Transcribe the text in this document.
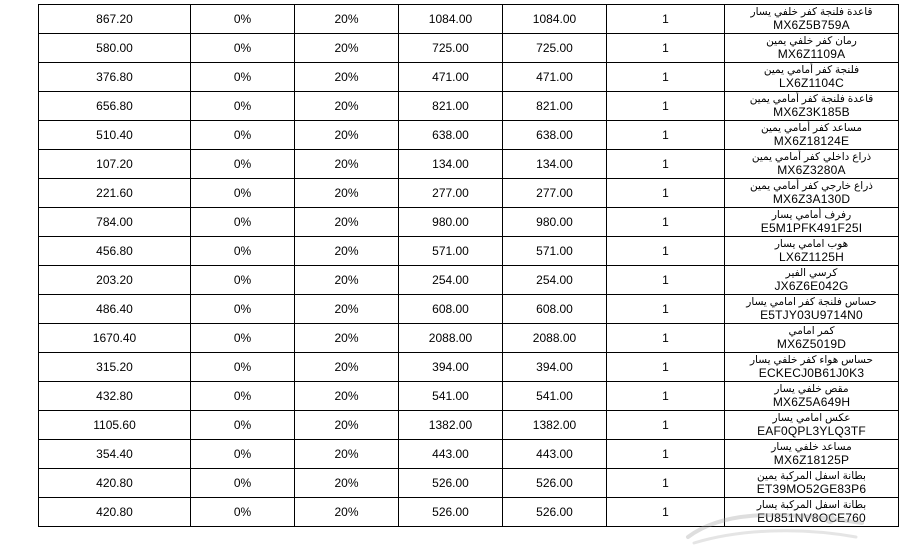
867.20	0%	20%	1084.00	1084.00	1	قاعدة فلنجة كفر خلفي يسار
MX6Z5B759A

580.00	0%	20%	725.00	725.00	1	رمان كفر خلفي يمين
MX6Z1109A

376.80	0%	20%	471.00	471.00	1	فلنجة كفر أمامي يمين
LX6Z1104C

656.80	0%	20%	821.00	821.00	1	قاعدة فلنجة كفر أمامي يمين
MX6Z3K185B

510.40	0%	20%	638.00	638.00	1	مساعد كفر أمامي يمين
MX6Z18124E

107.20	0%	20%	134.00	134.00	1	ذراع داخلي كفر أمامي يمين
MX6Z3280A

221.60	0%	20%	277.00	277.00	1	ذراع خارجي كفر أمامي يمين
MX6Z3A130D

784.00	0%	20%	980.00	980.00	1	رفرف أمامي يسار
E5M1PFK491F25I

456.80	0%	20%	571.00	571.00	1	هوب امامي يسار
LX6Z1125H

203.20	0%	20%	254.00	254.00	1	كرسي الفير
JX6Z6E042G

486.40	0%	20%	608.00	608.00	1	حساس فلنجة كفر امامي يسار
E5TJY03U9714N0

1670.40	0%	20%	2088.00	2088.00	1	كمر امامي
MX6Z5019D

315.20	0%	20%	394.00	394.00	1	حساس هواء كفر خلفي يسار
ECKECJ0B61J0K3

432.80	0%	20%	541.00	541.00	1	مقص خلفي يسار
MX6Z5A649H

1105.60	0%	20%	1382.00	1382.00	1	عكس امامي يسار
EAF0QPL3YLQ3TF

354.40	0%	20%	443.00	443.00	1	مساعد خلفي يسار
MX6Z18125P

420.80	0%	20%	526.00	526.00	1	بطانة اسفل المركبة يمين
ET39MO52GE83P6

420.80	0%	20%	526.00	526.00	1	بطانة اسفل المركبة يسار
EU851NV8OCE760
